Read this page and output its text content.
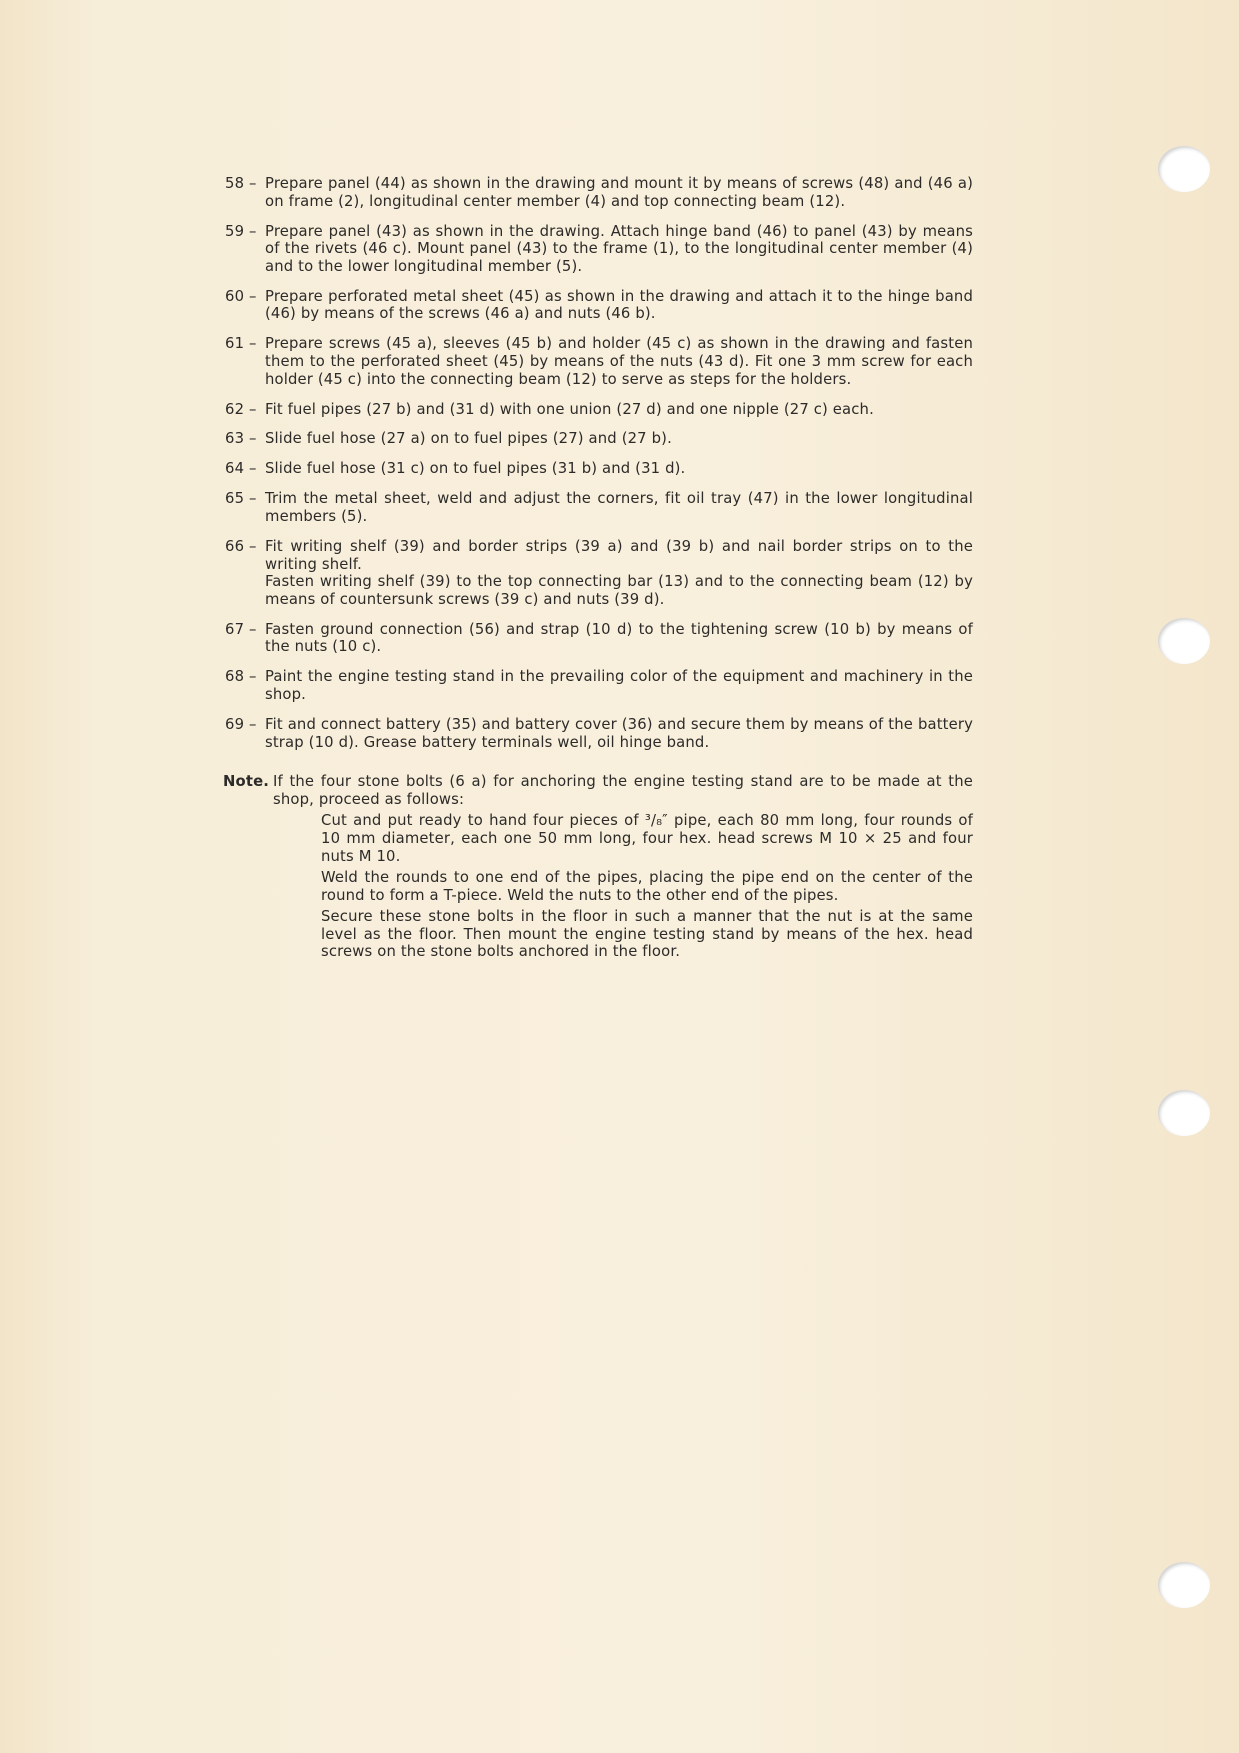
58 – Prepare panel (44) as shown in the drawing and mount it by means of screws (48) and (46 a) on frame (2), longitudinal center member (4) and top connecting beam (12).

59 – Prepare panel (43) as shown in the drawing. Attach hinge band (46) to panel (43) by means of the rivets (46 c). Mount panel (43) to the frame (1), to the longitudinal center member (4) and to the lower longitudinal member (5).

60 – Prepare perforated metal sheet (45) as shown in the drawing and attach it to the hinge band (46) by means of the screws (46 a) and nuts (46 b).

61 – Prepare screws (45 a), sleeves (45 b) and holder (45 c) as shown in the drawing and fasten them to the perforated sheet (45) by means of the nuts (43 d). Fit one 3 mm screw for each holder (45 c) into the connecting beam (12) to serve as steps for the holders.

62 – Fit fuel pipes (27 b) and (31 d) with one union (27 d) and one nipple (27 c) each.

63 – Slide fuel hose (27 a) on to fuel pipes (27) and (27 b).

64 – Slide fuel hose (31 c) on to fuel pipes (31 b) and (31 d).

65 – Trim the metal sheet, weld and adjust the corners, fit oil tray (47) in the lower longitudinal members (5).

66 – Fit writing shelf (39) and border strips (39 a) and (39 b) and nail border strips on to the writing shelf.

Fasten writing shelf (39) to the top connecting bar (13) and to the connecting beam (12) by means of countersunk screws (39 c) and nuts (39 d).

67 – Fasten ground connection (56) and strap (10 d) to the tightening screw (10 b) by means of the nuts (10 c).

68 – Paint the engine testing stand in the prevailing color of the equipment and machinery in the shop.

69 – Fit and connect battery (35) and battery cover (36) and secure them by means of the battery strap (10 d). Grease battery terminals well, oil hinge band.

Note. If the four stone bolts (6 a) for anchoring the engine testing stand are to be made at the shop, proceed as follows:

Cut and put ready to hand four pieces of ³/₈″ pipe, each 80 mm long, four rounds of 10 mm diameter, each one 50 mm long, four hex. head screws M 10 × 25 and four nuts M 10.

Weld the rounds to one end of the pipes, placing the pipe end on the center of the round to form a T-piece. Weld the nuts to the other end of the pipes.

Secure these stone bolts in the floor in such a manner that the nut is at the same level as the floor. Then mount the engine testing stand by means of the hex. head screws on the stone bolts anchored in the floor.
